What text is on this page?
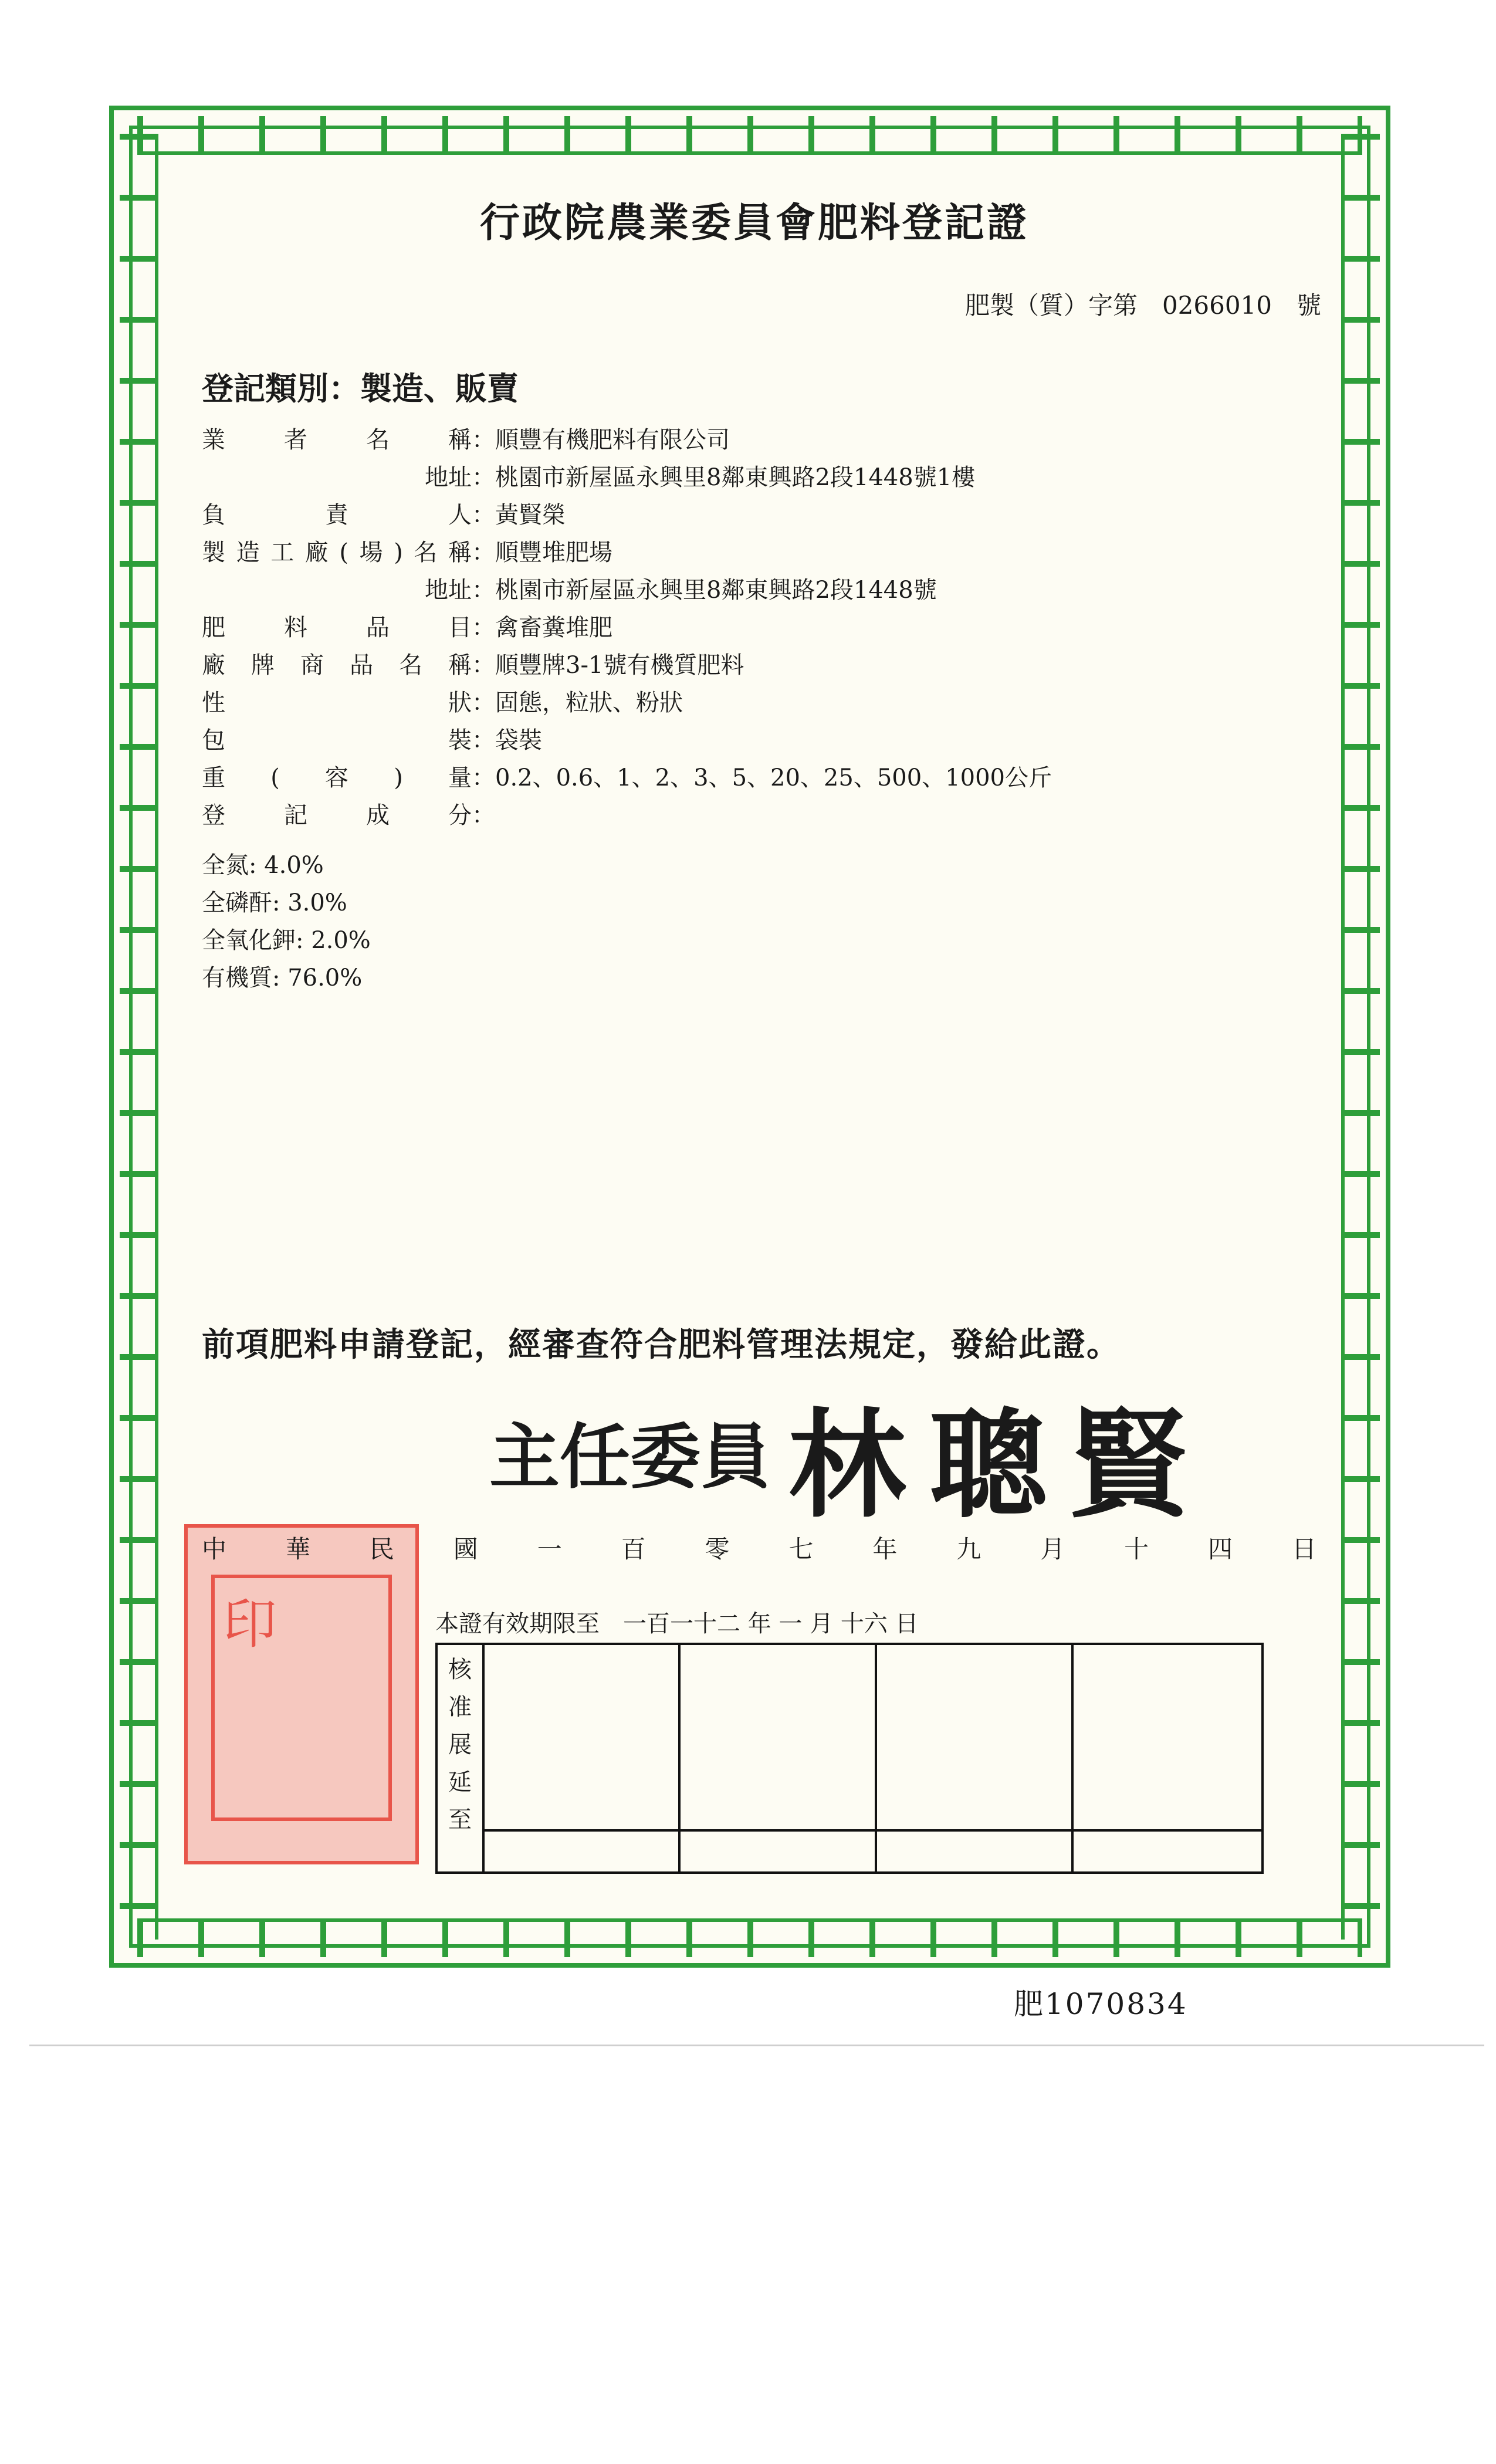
行政院農業委員會肥料登記證
肥製（質）字第　0266010　號
登記類別：製造、販賣
業者名稱：順豐有機肥料有限公司
地址：桃園市新屋區永興里8鄰東興路2段1448號1樓
負責人：黃賢榮
製造工廠(場)名稱：順豐堆肥場
地址：桃園市新屋區永興里8鄰東興路2段1448號
肥料品目：禽畜糞堆肥
廠牌商品名稱：順豐牌3-1號有機質肥料
性狀：固態，粒狀、粉狀
包裝：袋裝
重(容)量：0.2、0.6、1、2、3、5、20、25、500、1000公斤
登記成分：
全氮: 4.0%
全磷酐: 3.0%
全氧化鉀: 2.0%
有機質: 76.0%
前項肥料申請登記，經審查符合肥料管理法規定，發給此證。
主任委員 林聰賢
印
中 華 民 國 一 百 零 七 年 九 月 十 四 日
本證有效期限至　一百一十二 年 一 月 十六 日
核
准
展
延
至
肥1070834
